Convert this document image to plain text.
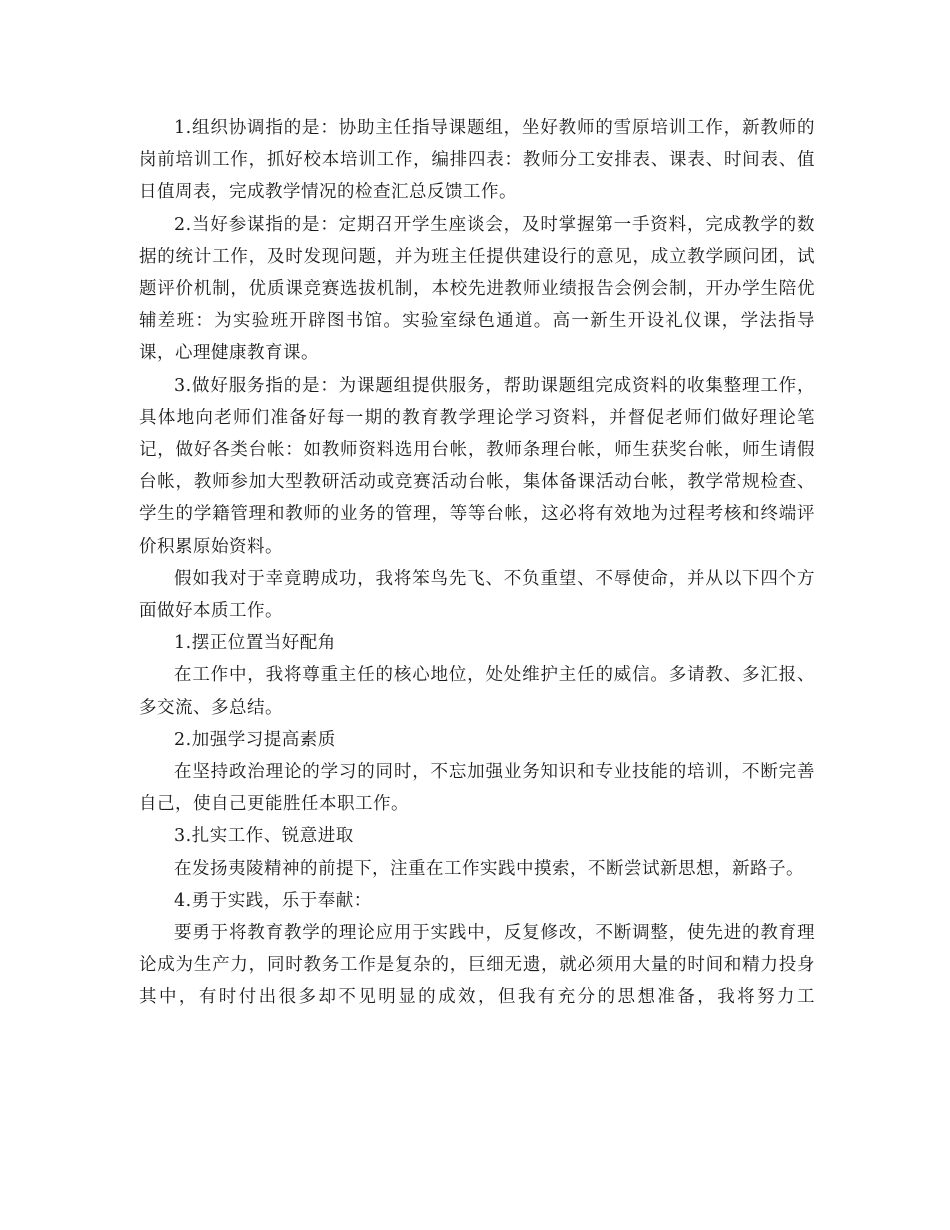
1.组织协调指的是：协助主任指导课题组，坐好教师的雪原培训工作，新教师的岗前培训工作，抓好校本培训工作，编排四表：教师分工安排表、课表、时间表、值日值周表，完成教学情况的检查汇总反馈工作。

2.当好参谋指的是：定期召开学生座谈会，及时掌握第一手资料，完成教学的数据的统计工作，及时发现问题，并为班主任提供建设行的意见，成立教学顾问团，试题评价机制，优质课竞赛选拔机制，本校先进教师业绩报告会例会制，开办学生陪优辅差班：为实验班开辟图书馆。实验室绿色通道。高一新生开设礼仪课，学法指导课，心理健康教育课。

3.做好服务指的是：为课题组提供服务，帮助课题组完成资料的收集整理工作，具体地向老师们准备好每一期的教育教学理论学习资料，并督促老师们做好理论笔记，做好各类台帐：如教师资料选用台帐，教师条理台帐，师生获奖台帐，师生请假台帐，教师参加大型教研活动或竞赛活动台帐，集体备课活动台帐，教学常规检查、学生的学籍管理和教师的业务的管理，等等台帐，这必将有效地为过程考核和终端评价积累原始资料。

假如我对于幸竟聘成功，我将笨鸟先飞、不负重望、不辱使命，并从以下四个方面做好本质工作。

1.摆正位置当好配角

在工作中，我将尊重主任的核心地位，处处维护主任的威信。多请教、多汇报、多交流、多总结。

2.加强学习提高素质

在坚持政治理论的学习的同时，不忘加强业务知识和专业技能的培训，不断完善自己，使自己更能胜任本职工作。

3.扎实工作、锐意进取

在发扬夷陵精神的前提下，注重在工作实践中摸索，不断尝试新思想，新路子。

4.勇于实践，乐于奉献：

要勇于将教育教学的理论应用于实践中，反复修改，不断调整，使先进的教育理论成为生产力，同时教务工作是复杂的，巨细无遗，就必须用大量的时间和精力投身其中，有时付出很多却不见明显的成效，但我有充分的思想准备，我将努力工
